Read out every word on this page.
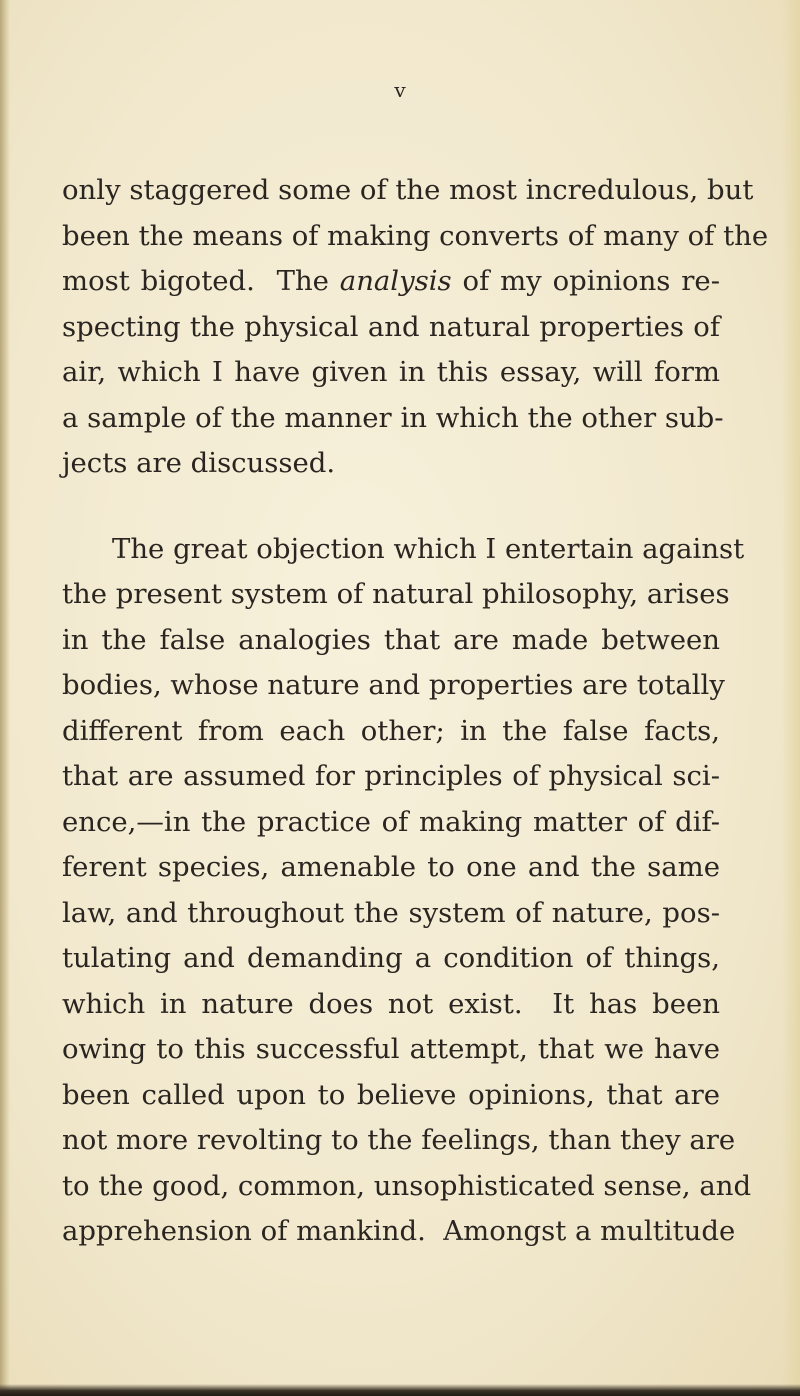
v
only staggered some of the most incredulous, but
been the means of making converts of many of the
most bigoted. The analysis of my opinions re-
specting the physical and natural properties of
air, which I have given in this essay, will form
a sample of the manner in which the other sub-
jects are discussed.
The great objection which I entertain against
the present system of natural philosophy, arises
in the false analogies that are made between
bodies, whose nature and properties are totally
different from each other; in the false facts,
that are assumed for principles of physical sci-
ence,—in the practice of making matter of dif-
ferent species, amenable to one and the same
law, and throughout the system of nature, pos-
tulating and demanding a condition of things,
which in nature does not exist. It has been
owing to this successful attempt, that we have
been called upon to believe opinions, that are
not more revolting to the feelings, than they are
to the good, common, unsophisticated sense, and
apprehension of mankind. Amongst a multitude
